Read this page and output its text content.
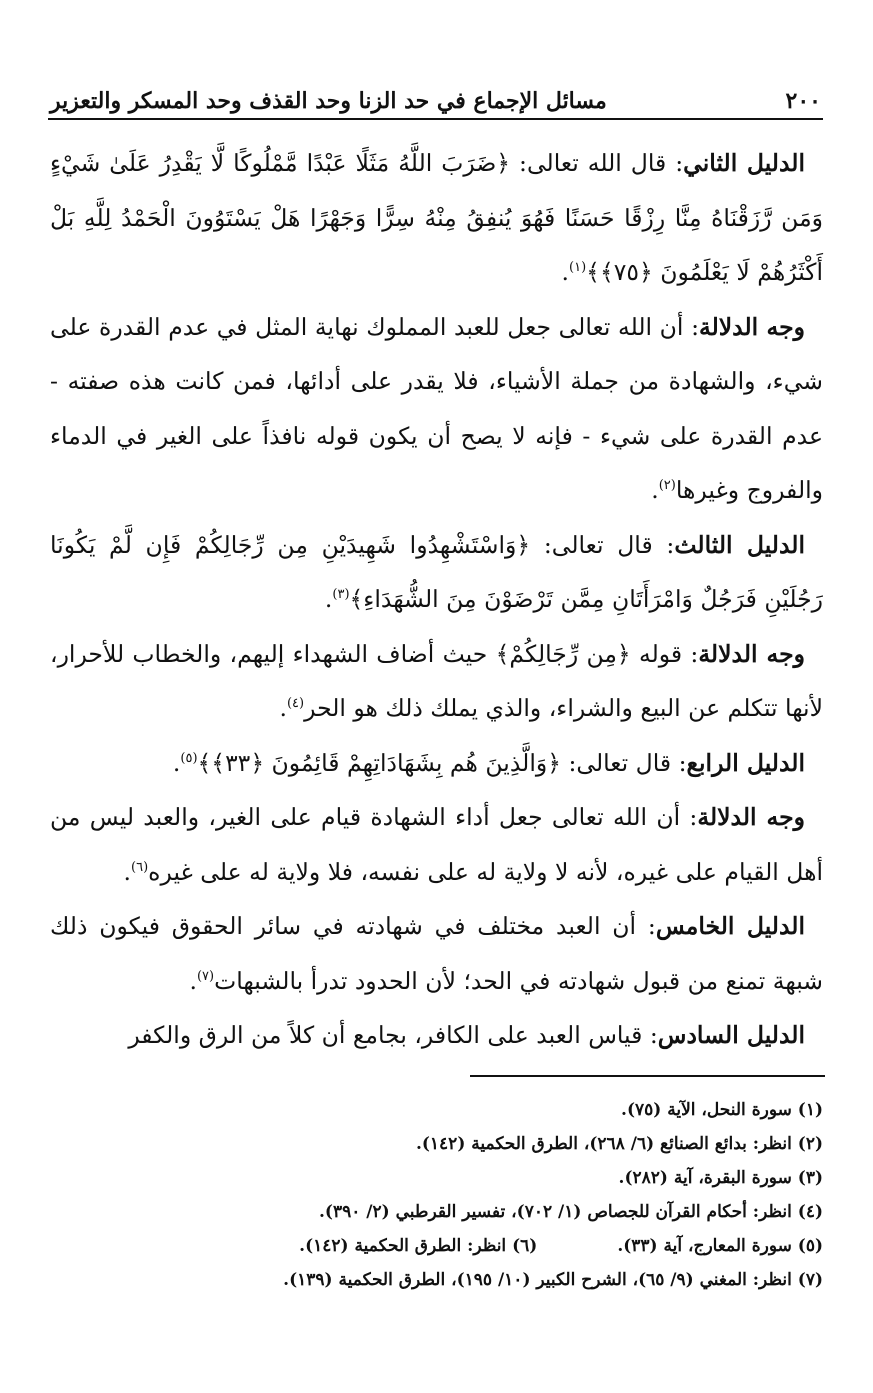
٢٠٠
مسائل الإجماع في حد الزنا وحد القذف وحد المسكر والتعزير

الدليل الثاني: قال الله تعالى: ﴿ضَرَبَ اللَّهُ مَثَلًا عَبْدًا مَّمْلُوكًا لَّا يَقْدِرُ عَلَىٰ شَيْءٍ وَمَن رَّزَقْنَاهُ مِنَّا رِزْقًا حَسَنًا فَهُوَ يُنفِقُ مِنْهُ سِرًّا وَجَهْرًا هَلْ يَسْتَوُونَ الْحَمْدُ لِلَّهِ بَلْ أَكْثَرُهُمْ لَا يَعْلَمُونَ ﴿٧٥﴾﴾$^{(١)}$.

وجه الدلالة: أن الله تعالى جعل للعبد المملوك نهاية المثل في عدم القدرة على شيء، والشهادة من جملة الأشياء، فلا يقدر على أدائها، فمن كانت هذه صفته - عدم القدرة على شيء - فإنه لا يصح أن يكون قوله نافذاً على الغير في الدماء والفروج وغيرها$^{(٢)}$.

الدليل الثالث: قال تعالى: ﴿وَاسْتَشْهِدُوا شَهِيدَيْنِ مِن رِّجَالِكُمْ فَإِن لَّمْ يَكُونَا رَجُلَيْنِ فَرَجُلٌ وَامْرَأَتَانِ مِمَّن تَرْضَوْنَ مِنَ الشُّهَدَاءِ﴾$^{(٣)}$.

وجه الدلالة: قوله ﴿مِن رِّجَالِكُمْ﴾ حيث أضاف الشهداء إليهم، والخطاب للأحرار، لأنها تتكلم عن البيع والشراء، والذي يملك ذلك هو الحر$^{(٤)}$.

الدليل الرابع: قال تعالى: ﴿وَالَّذِينَ هُم بِشَهَادَاتِهِمْ قَائِمُونَ ﴿٣٣﴾﴾$^{(٥)}$.

وجه الدلالة: أن الله تعالى جعل أداء الشهادة قيام على الغير، والعبد ليس من أهل القيام على غيره، لأنه لا ولاية له على نفسه، فلا ولاية له على غيره$^{(٦)}$.

الدليل الخامس: أن العبد مختلف في شهادته في سائر الحقوق فيكون ذلك شبهة تمنع من قبول شهادته في الحد؛ لأن الحدود تدرأ بالشبهات$^{(٧)}$.

الدليل السادس: قياس العبد على الكافر، بجامع أن كلاً من الرق والكفر

(١) سورة النحل، الآية (٧٥).

(٢) انظر: بدائع الصنائع (٦/ ٢٦٨)، الطرق الحكمية (١٤٢).

(٣) سورة البقرة، آية (٢٨٢).

(٤) انظر: أحكام القرآن للجصاص (١/ ٧٠٢)، تفسير القرطبي (٢/ ٣٩٠).

(٥) سورة المعارج، آية (٣٣).
(٦) انظر: الطرق الحكمية (١٤٢).

(٧) انظر: المغني (٩/ ٦٥)، الشرح الكبير (١٠/ ١٩٥)، الطرق الحكمية (١٣٩).
